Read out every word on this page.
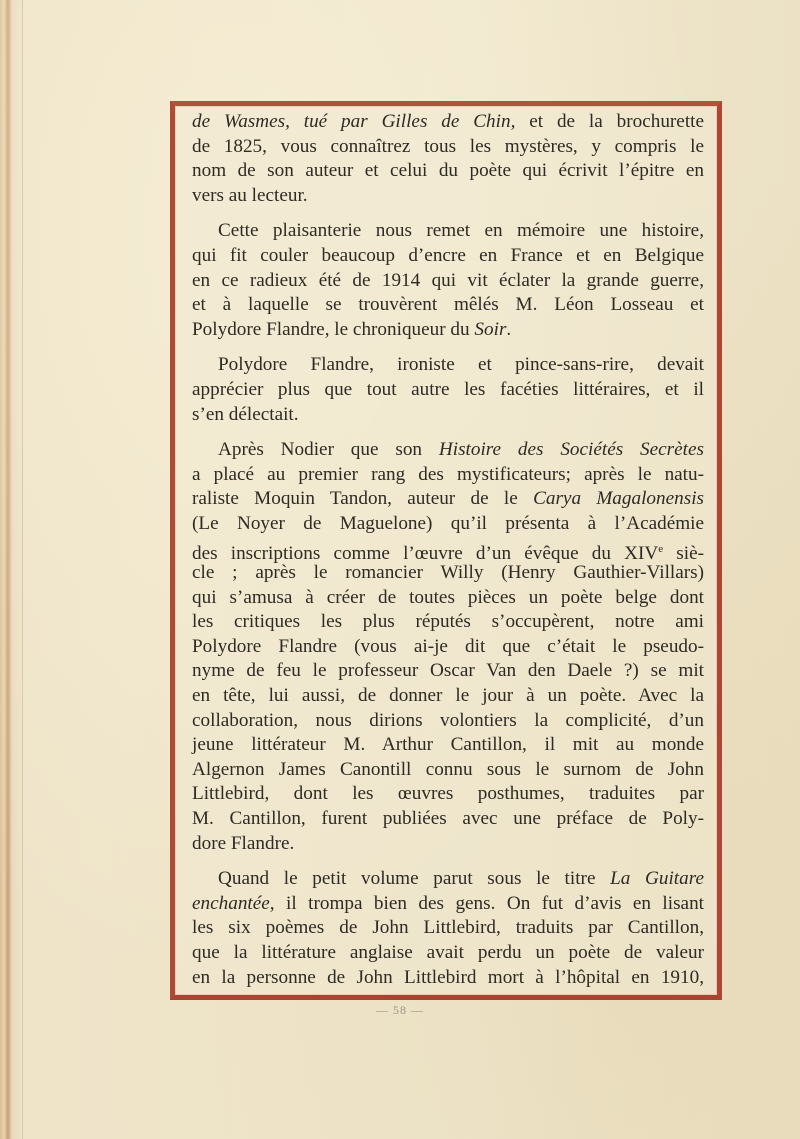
de Wasmes, tué par Gilles de Chin, et de la brochurette
de 1825, vous connaîtrez tous les mystères, y compris le
nom de son auteur et celui du poète qui écrivit l’épitre en
vers au lecteur.
Cette plaisanterie nous remet en mémoire une histoire,
qui fit couler beaucoup d’encre en France et en Belgique
en ce radieux été de 1914 qui vit éclater la grande guerre,
et à laquelle se trouvèrent mêlés M. Léon Losseau et
Polydore Flandre, le chroniqueur du Soir.
Polydore Flandre, ironiste et pince-sans-rire, devait
apprécier plus que tout autre les facéties littéraires, et il
s’en délectait.
Après Nodier que son Histoire des Sociétés Secrètes
a placé au premier rang des mystificateurs; après le natu-
raliste Moquin Tandon, auteur de le Carya Magalonensis
(Le Noyer de Maguelone) qu’il présenta à l’Académie
des inscriptions comme l’œuvre d’un évêque du XIVe siè-
cle ; après le romancier Willy (Henry Gauthier-Villars)
qui s’amusa à créer de toutes pièces un poète belge dont
les critiques les plus réputés s’occupèrent, notre ami
Polydore Flandre (vous ai-je dit que c’était le pseudo-
nyme de feu le professeur Oscar Van den Daele ?) se mit
en tête, lui aussi, de donner le jour à un poète. Avec la
collaboration, nous dirions volontiers la complicité, d’un
jeune littérateur M. Arthur Cantillon, il mit au monde
Algernon James Canontill connu sous le surnom de John
Littlebird, dont les œuvres posthumes, traduites par
M. Cantillon, furent publiées avec une préface de Poly-
dore Flandre.
Quand le petit volume parut sous le titre La Guitare
enchantée, il trompa bien des gens. On fut d’avis en lisant
les six poèmes de John Littlebird, traduits par Cantillon,
que la littérature anglaise avait perdu un poète de valeur
en la personne de John Littlebird mort à l’hôpital en 1910,
— 58 —
